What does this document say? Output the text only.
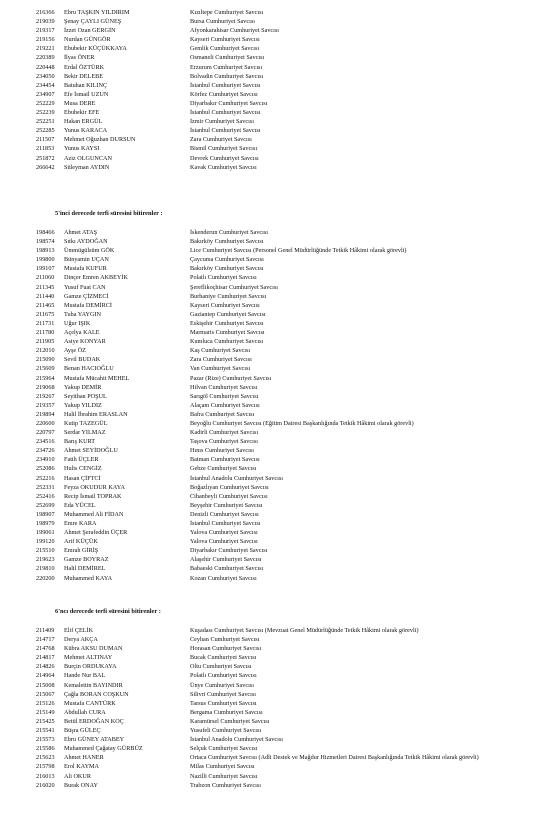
216366 Ebru TAŞKIN YILDIRIM	Kızıltepe Cumhuriyet Savcısı
219039 Şenay ÇAYLI GÜNEŞ	Bursa Cumhuriyet Savcısı
219317 İzzet Ozan GERGİN	Afyonkarahisar Cumhuriyet Savcısı
219156 Nurdan GÜNGÖR	Kayseri Cumhuriyet Savcısı
219221 Ebubekir KÜÇÜKKAYA	Gemlik Cumhuriyet Savcısı
220389 İlyas ÖNER	Osmaneli Cumhuriyet Savcısı
220448 Erdal ÖZTÜRK	Erzurum Cumhuriyet Savcısı
234050 Bekir DELEBE	Bolvadin Cumhuriyet Savcısı
234454 Batuhan KILINÇ	İstanbul Cumhuriyet Savcısı
234907 Efe İsmail UZUN	Körfez Cumhuriyet Savcısı
252229 Musa DERE	Diyarbakır Cumhuriyet Savcısı
252239 Ebubekir EFE	İstanbul Cumhuriyet Savcısı
252251 Hakan ERGÜL	İzmir Cumhuriyet Savcısı
252285 Yunus KARACA	İstanbul Cumhuriyet Savcısı
211507 Mehmet Oğuzhan DURSUN	Zara Cumhuriyet Savcısı
211853 Yunus KAYSI	Bismil Cumhuriyet Savcısı
251872 Aziz OLGUNCAN	Devrek Cumhuriyet Savcısı
266642 Süleyman AYDIN	Kavak Cumhuriyet Savcısı
5'inci derecede terfi süresini bitirenler :
198466 Ahmet ATAŞ	İskenderun Cumhuriyet Savcısı
198574 Sıtkı AYDOĞAN	Bakırköy Cumhuriyet Savcısı
198913 Ümmügülsüm GÖK	Lice Cumhuriyet Savcısı (Personel Genel Müdürlüğünde Tetkik Hâkimi olarak görevli)
199800 Bünyamin UÇAN	Çaycuma Cumhuriyet Savcısı
199107 Mustafa KUFUR	Bakırköy Cumhuriyet Savcısı
211060 Dinçer Emren AKBEYİK	Polatlı Cumhuriyet Savcısı
211345 Yusuf Fuat CAN	Şereflikoçhisar Cumhuriyet Savcısı
211440 Gamze ÇİZMECİ	Burhaniye Cumhuriyet Savcısı
211465 Mustafa DEMİRCİ	Kayseri Cumhuriyet Savcısı
211675 Tuba YAYGIN	Gaziantep Cumhuriyet Savcısı
211731 Uğur IŞIK	Eskişehir Cumhuriyet Savcısı
211780 Açelya KALE	Marmaris Cumhuriyet Savcısı
211905 Asiye KONYAR	Kumluca Cumhuriyet Savcısı
212010 Ayşe ÖZ	Kaş Cumhuriyet Savcısı
215090 Sevil BUDAK	Zara Cumhuriyet Savcısı
215609 Benan HACIOĞLU	Van Cumhuriyet Savcısı
215964 Mustafa Mücahit MEHEL	Pazar (Rize) Cumhuriyet Savcısı
219068 Yakup DEMİR	Hilvan Cumhuriyet Savcısı
219267 Seyithan POŞUL	Sarıgöl Cumhuriyet Savcısı
219357 Yakup YILDIZ	Alaçam Cumhuriyet Savcısı
219894 Halil İbrahim ERASLAN	Bafra Cumhuriyet Savcısı
220600 Kutip TAZEGÜL	Beyoğlu Cumhuriyet Savcısı (Eğitim Dairesi Başkanlığında Tetkik Hâkimi olarak görevli)
220797 Serdar YILMAZ	Kadirli Cumhuriyet Savcısı
234516 Barış KURT	Taşova Cumhuriyet Savcısı
234726 Ahmet SEYİDOĞLU	Hınıs Cumhuriyet Savcısı
234910 Fatih ÜÇLER	Batman Cumhuriyet Savcısı
252086 Hulis CENGİZ	Gebze Cumhuriyet Savcısı
252216 Hasan ÇİFTCİ	İstanbul Anadolu Cumhuriyet Savcısı
252331 Feyza OKUDUR KAYA	Boğazlıyan Cumhuriyet Savcısı
252416 Recip İsmail TOPRAK	Cihanbeyli Cumhuriyet Savcısı
252699 Eda YÜCEL	Beyşehir Cumhuriyet Savcısı
198907 Muhammed Ali FİDAN	Denizli Cumhuriyet Savcısı
198979 Emre KARA	İstanbul Cumhuriyet Savcısı
199061 Ahmet Şerafeddin ÜÇER	Yalova Cumhuriyet Savcısı
199120 Arif KÜÇÜK	Yalova Cumhuriyet Savcısı
215510 Emrah GİRİŞ	Diyarbakır Cumhuriyet Savcısı
219623 Gamze BOYRAZ	Alaşehir Cumhuriyet Savcısı
219810 Halil DEMİREL	Babaeski Cumhuriyet Savcısı
220200 Muhammed KAYA	Kozan Cumhuriyet Savcısı
6'ncı derecede terfi süresini bitirenler :
211409 Elif ÇELİK	Kuşadası Cumhuriyet Savcısı (Mevzuat Genel Müdürlüğünde Tetkik Hâkimi olarak görevli)
214717 Derya AKÇA	Ceyhan Cumhuriyet Savcısı
214768 Kübra AKSU DUMAN	Horasan Cumhuriyet Savcısı
214817 Mehmet ALTINAY	Bucak Cumhuriyet Savcısı
214826 Burçin ORDUKAYA	Oltu Cumhuriyet Savcısı
214964 Hande Nur BAL	Polatlı Cumhuriyet Savcısı
215008 Kemalettin BAYINDIR	Ünye Cumhuriyet Savcısı
215067 Çağla BORAN COŞKUN	Silivri Cumhuriyet Savcısı
215126 Mustafa CANTÜRK	Tarsus Cumhuriyet Savcısı
215149 Abdullah CURA	Bergama Cumhuriyet Savcısı
215425 Betül ERDOĞAN KOÇ	Karamürsel Cumhuriyet Savcısı
215541 Büşra GÜLEÇ	Yusufeli Cumhuriyet Savcısı
215573 Ebru GÜNEY ATABEY	İstanbul Anadolu Cumhuriyet Savcısı
215586 Muhammed Çağatay GÜRBÜZ	Selçuk Cumhuriyet Savcısı
215623 Ahmet HANER	Ortaca Cumhuriyet Savcısı (Adli Destek ve Mağdur Hizmetleri Dairesi Başkanlığında Tetkik Hâkimi olarak görevli)
215798 Erol KAYMA	Milas Cumhuriyet Savcısı
216013 Ali OKUR	Nazilli Cumhuriyet Savcısı
216020 Burak ONAY	Trabzon Cumhuriyet Savcısı
